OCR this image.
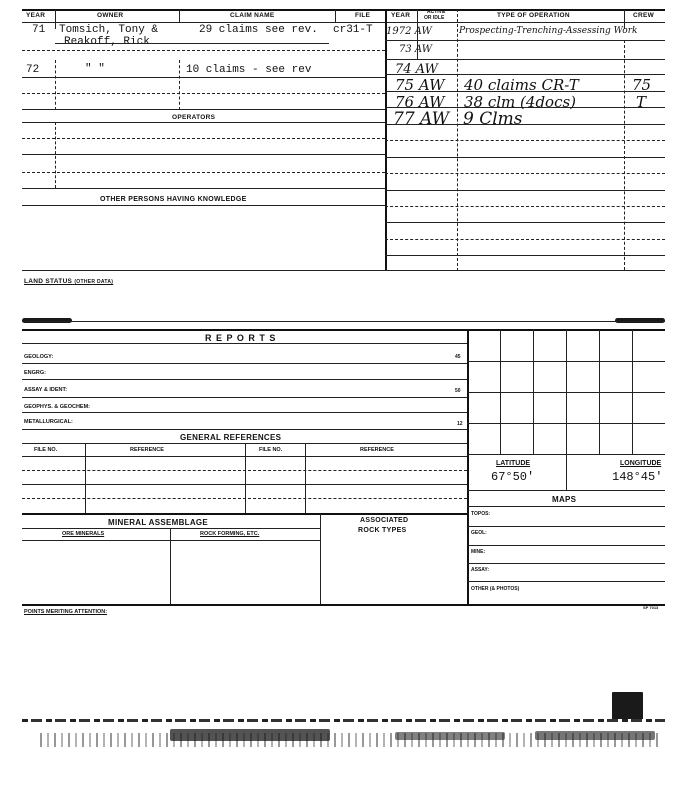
YEAR	OWNER	CLAIM NAME	FILE	YEAR	ACTIVE
OR IDLE	TYPE OF OPERATION	CREW
71 Tomsich, Tony &
Reakoff, Rick
29 claims see rev. cr31-T
72	" "	10 claims - see rev
OPERATORS
OTHER PERSONS HAVING KNOWLEDGE
1972 AW	Prospecting-Trenching-Assessing Work
73 AW
74 AW
75 AW 40 claims CR-T	75
76 AW 38 clm (4docs)	T
77 AW 9 Clms
LAND STATUS (OTHER DATA)
R E P O R T S
GEOLOGY:	45
ENGRG:
ASSAY & IDENT:	50
GEOPHYS. & GEOCHEM:
METALLURGICAL:	12
GENERAL REFERENCES
FILE NO.	REFERENCE	FILE NO.	REFERENCE
LATITUDE	LONGITUDE
67°50'	148°45'
MAPS
TOPOS:
GEOL:
MINE:
ASSAY:
OTHER (& PHOTOS)
MINERAL ASSEMBLAGE	ASSOCIATED
ROCK TYPES
ORE MINERALS	ROCK FORMING, ETC.
POINTS MERITING ATTENTION:
SP 7013
